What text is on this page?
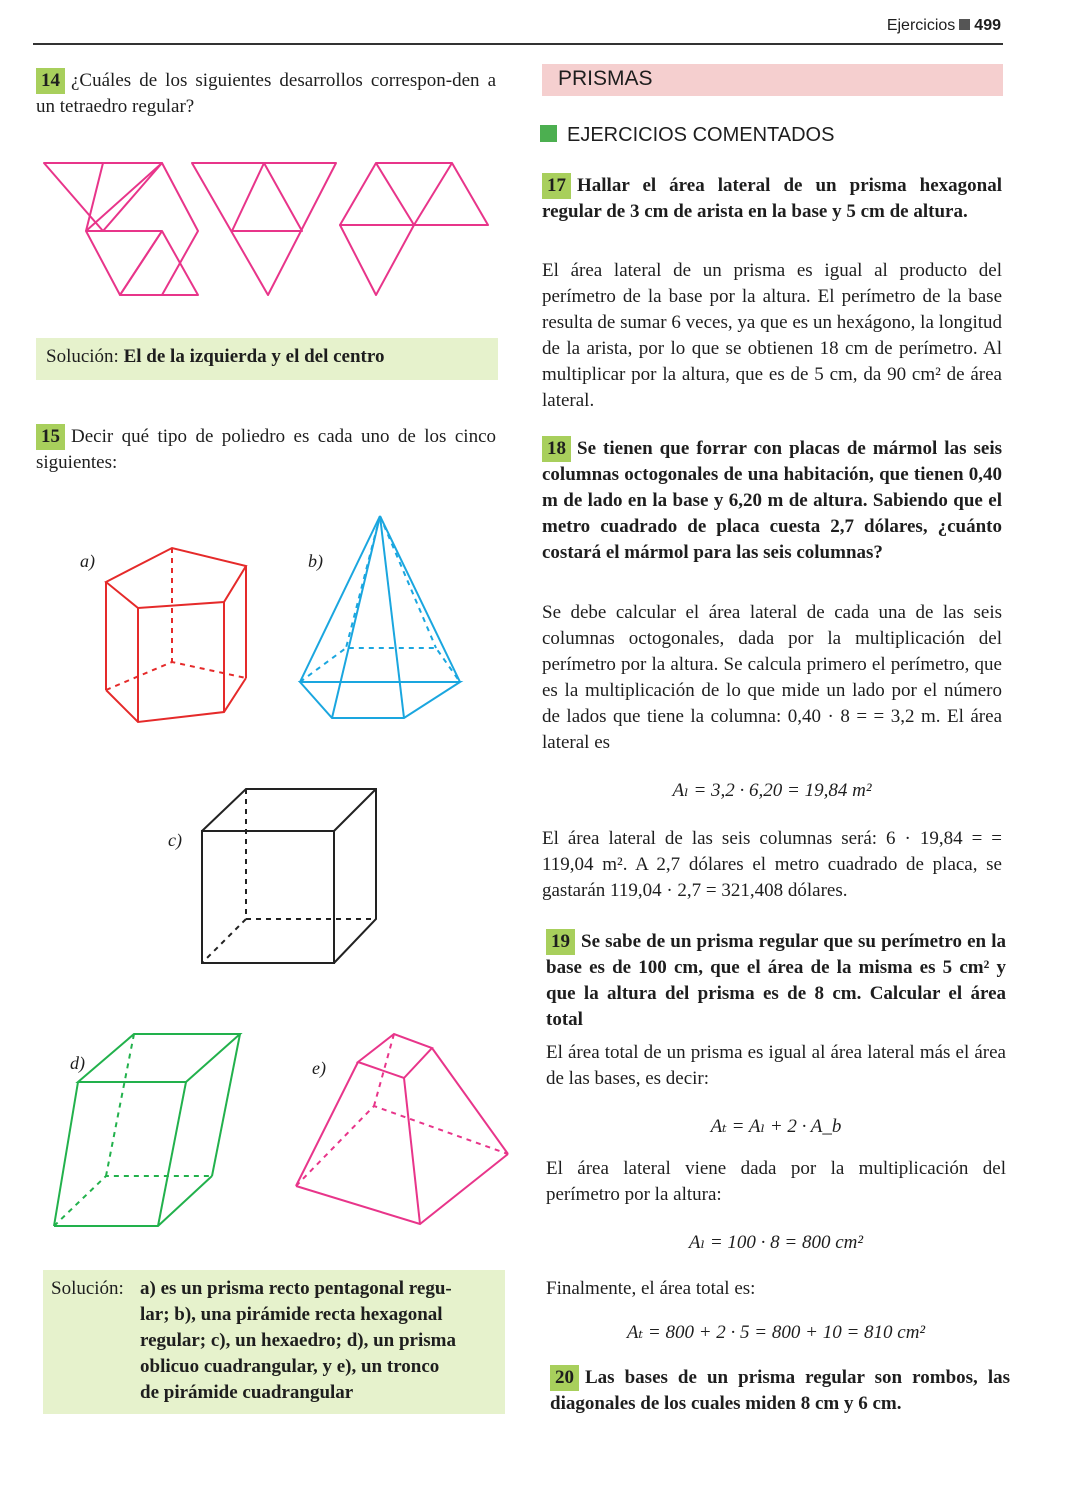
Ejercicios 499
14 ¿Cuáles de los siguientes desarrollos correspon-den a un tetraedro regular?
Solución: El de la izquierda y el del centro
15 Decir qué tipo de poliedro es cada uno de los cinco siguientes:
a)	b)
c)
d)	e)
Solución: a) es un prisma recto pentagonal regu-
lar; b), una pirámide recta hexagonal
regular; c), un hexaedro; d), un prisma
oblicuo cuadrangular, y e), un tronco
de pirámide cuadrangular
PRISMAS
EJERCICIOS COMENTADOS
17 Hallar el área lateral de un prisma hexagonal regular de 3 cm de arista en la base y 5 cm de altura.
El área lateral de un prisma es igual al producto del perímetro de la base por la altura. El perímetro de la base resulta de sumar 6 veces, ya que es un hexágono, la longitud de la arista, por lo que se obtienen 18 cm de perímetro. Al multiplicar por la altura, que es de 5 cm, da 90 cm² de área lateral.
18 Se tienen que forrar con placas de mármol las seis columnas octogonales de una habitación, que tienen 0,40 m de lado en la base y 6,20 m de altura. Sabiendo que el metro cuadrado de placa cuesta 2,7 dólares, ¿cuánto costará el mármol para las seis columnas?
Se debe calcular el área lateral de cada una de las seis columnas octogonales, dada por la multiplicación del perímetro por la altura. Se calcula primero el perímetro, que es la multiplicación de lo que mide un lado por el número de lados que tiene la columna: 0,40 · 8 = = 3,2 m. El área lateral es
Aₗ = 3,2 · 6,20 = 19,84 m²
El área lateral de las seis columnas será: 6 · 19,84 = = 119,04 m². A 2,7 dólares el metro cuadrado de placa, se gastarán 119,04 · 2,7 = 321,408 dólares.
19 Se sabe de un prisma regular que su perímetro en la base es de 100 cm, que el área de la misma es 5 cm² y que la altura del prisma es de 8 cm. Calcular el área total
El área total de un prisma es igual al área lateral más el área de las bases, es decir:
Aₜ = Aₗ + 2 · A_b
El área lateral viene dada por la multiplicación del perímetro por la altura:
Aₗ = 100 · 8 = 800 cm²
Finalmente, el área total es:
Aₜ = 800 + 2 · 5 = 800 + 10 = 810 cm²
20 Las bases de un prisma regular son rombos, las diagonales de los cuales miden 8 cm y 6 cm.
